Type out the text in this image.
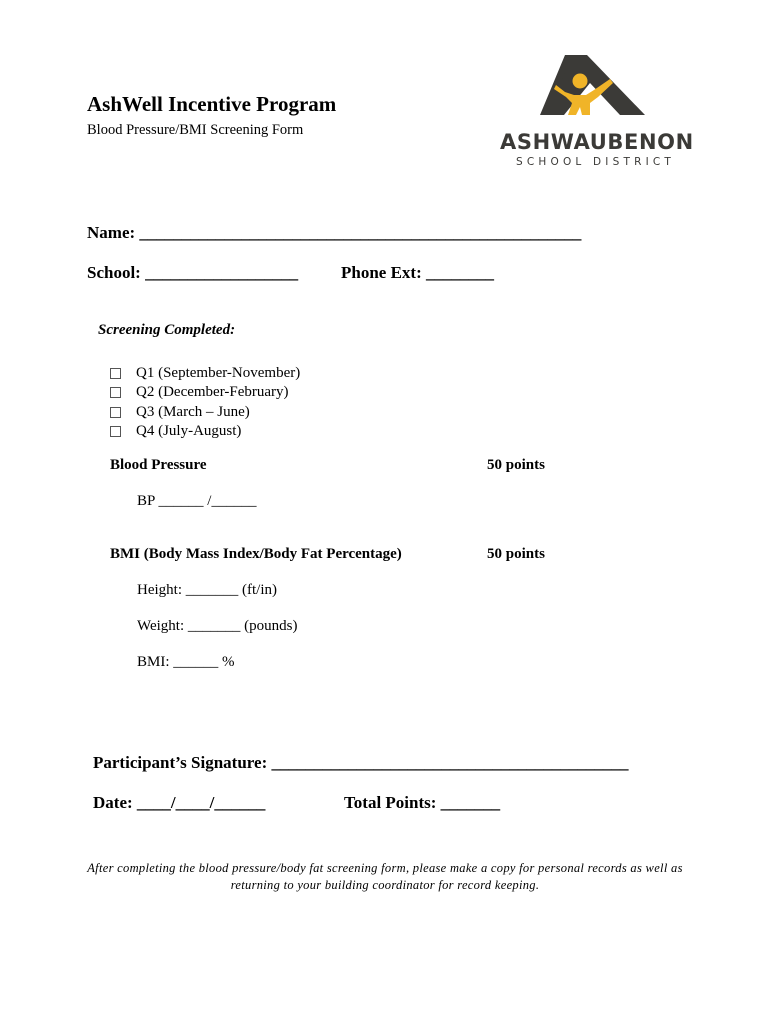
AshWell Incentive Program
Blood Pressure/BMI Screening Form	ASHWAUBENON
SCHOOL DISTRICT
Name: ____________________________________________________
School: __________________	Phone Ext: ________
Screening Completed:
Q1 (September-November)
Q2 (December-February)
Q3 (March – June)
Q4 (July-August)
Blood Pressure	50 points
BP ______ /______
BMI (Body Mass Index/Body Fat Percentage)	50 points
Height: _______ (ft/in)
Weight: _______ (pounds)
BMI: ______ %
Participant’s Signature: __________________________________________
Date: ____/____/______	Total Points: _______
After completing the blood pressure/body fat screening form, please make a copy for personal records as well as
returning to your building coordinator for record keeping.
